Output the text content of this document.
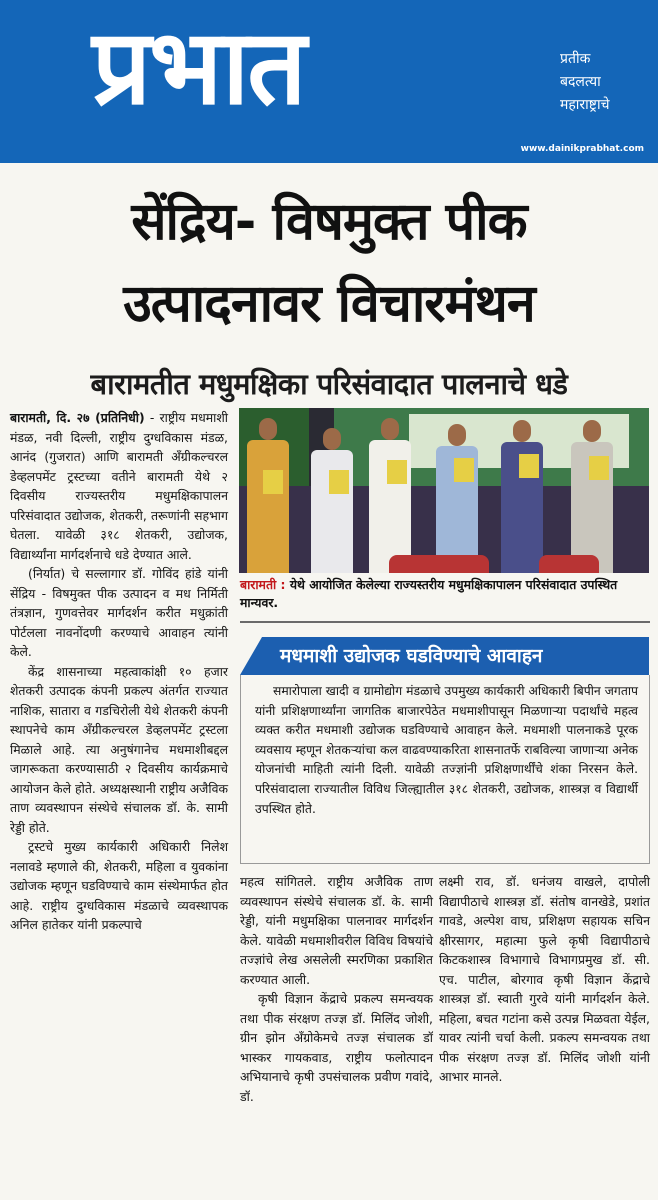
प्रभात	प्रतीक
बदलत्या
महाराष्ट्राचे
www.dainikprabhat.com
सेंद्रिय- विषमुक्त पीक
उत्पादनावर विचारमंथन
बारामतीत मधुमक्षिका परिसंवादात पालनाचे धडे

बारामती, दि. २७ (प्रतिनिधी) - राष्ट्रीय मधमाशी मंडळ, नवी दिल्ली, राष्ट्रीय दुग्धविकास मंडळ, आनंद (गुजरात) आणि बारामती अँग्रीकल्चरल डेव्हलपमेंट ट्रस्टच्या वतीने बारामती येथे २ दिवसीय राज्यस्तरीय मधुमक्षिकापालन परिसंवादात उद्योजक, शेतकरी, तरूणांनी सहभाग घेतला. यावेळी ३१८ शेतकरी, उद्योजक, विद्यार्थ्यांना मार्गदर्शनाचे धडे देण्यात आले.

(निर्यात) चे सल्लागार डॉ. गोविंद हांडे यांनी सेंद्रिय - विषमुक्त पीक उत्पादन व मध निर्मिती तंत्रज्ञान, गुणवत्तेवर मार्गदर्शन करीत मधुक्रांती पोर्टलला नावनोंदणी करण्याचे आवाहन त्यांनी केले.

केंद्र शासनाच्या महत्वाकांक्षी १० हजार शेतकरी उत्पादक कंपनी प्रकल्प अंतर्गत राज्यात नाशिक, सातारा व गडचिरोली येथे शेतकरी कंपनी स्थापनेचे काम अँग्रीकल्चरल डेव्हलपमेंट ट्रस्टला मिळाले आहे. त्या अनुषंगानेच मधमाशीबद्दल जागरूकता करण्यासाठी २ दिवसीय कार्यक्रमाचे आयोजन केले होते. अध्यक्षस्थानी राष्ट्रीय अजैविक ताण व्यवस्थापन संस्थेचे संचालक डॉ. के. सामी रेड्डी होते.

ट्रस्टचे मुख्य कार्यकारी अधिकारी निलेश नलावडे म्हणाले की, शेतकरी, महिला व युवकांना उद्योजक म्हणून घडविण्याचे काम संस्थेमार्फत होत आहे. राष्ट्रीय दुग्धविकास मंडळाचे व्यवस्थापक अनिल हातेकर यांनी प्रकल्पाचे

बारामती : येथे आयोजित केलेल्या राज्यस्तरीय मधुमक्षिकापालन परिसंवादात उपस्थित मान्यवर.
मधमाशी उद्योजक घडविण्याचे आवाहन

समारोपाला खादी व ग्रामोद्योग मंडळाचे उपमुख्य कार्यकारी अधिकारी बिपीन जगताप यांनी प्रशिक्षणार्थ्यांना जागतिक बाजारपेठेत मधमाशीपासून मिळणाऱ्या पदार्थांचे महत्व व्यक्त करीत मधमाशी उद्योजक घडविण्याचे आवाहन केले. मधमाशी पालनाकडे पूरक व्यवसाय म्हणून शेतकऱ्यांचा कल वाढवण्याकरिता शासनातर्फे राबविल्या जाणाऱ्या अनेक योजनांची माहिती त्यांनी दिली. यावेळी तज्ज्ञांनी प्रशिक्षणार्थींचे शंका निरसन केले. परिसंवादाला राज्यातील विविध जिल्ह्यातील ३१८ शेतकरी, उद्योजक, शास्त्रज्ञ व विद्यार्थी उपस्थित होते.

महत्व सांगितले. राष्ट्रीय अजैविक ताण व्यवस्थापन संस्थेचे संचालक डॉ. के. सामी रेड्डी, यांनी मधुमक्षिका पालनावर मार्गदर्शन केले. यावेळी मधमाशीवरील विविध विषयांचे तज्ज्ञांचे लेख असलेली स्मरणिका प्रकाशित करण्यात आली.

कृषी विज्ञान केंद्राचे प्रकल्प समन्वयक तथा पीक संरक्षण तज्ज्ञ डॉ. मिलिंद जोशी, ग्रीन झोन अँग्रोकेमचे तज्ज्ञ संचालक डॉ भास्कर गायकवाड, राष्ट्रीय फलोत्पादन अभियानाचे कृषी उपसंचालक प्रवीण गवांदे, डॉ.

लक्ष्मी राव, डॉ. धनंजय वाखले, दापोली विद्यापीठाचे शास्त्रज्ञ डॉ. संतोष वानखेडे, प्रशांत गावडे, अल्पेश वाघ, प्रशिक्षण सहायक सचिन क्षीरसागर, महात्मा फुले कृषी विद्यापीठाचे किटकशास्त्र विभागाचे विभागप्रमुख डॉ. सी. एच. पाटील, बोरगाव कृषी विज्ञान केंद्राचे शास्त्रज्ञ डॉ. स्वाती गुरवे यांनी मार्गदर्शन केले. महिला, बचत गटांना कसे उत्पन्न मिळवता येईल, यावर त्यांनी चर्चा केली. प्रकल्प समन्वयक तथा पीक संरक्षण तज्ज्ञ डॉ. मिलिंद जोशी यांनी आभार मानले.
